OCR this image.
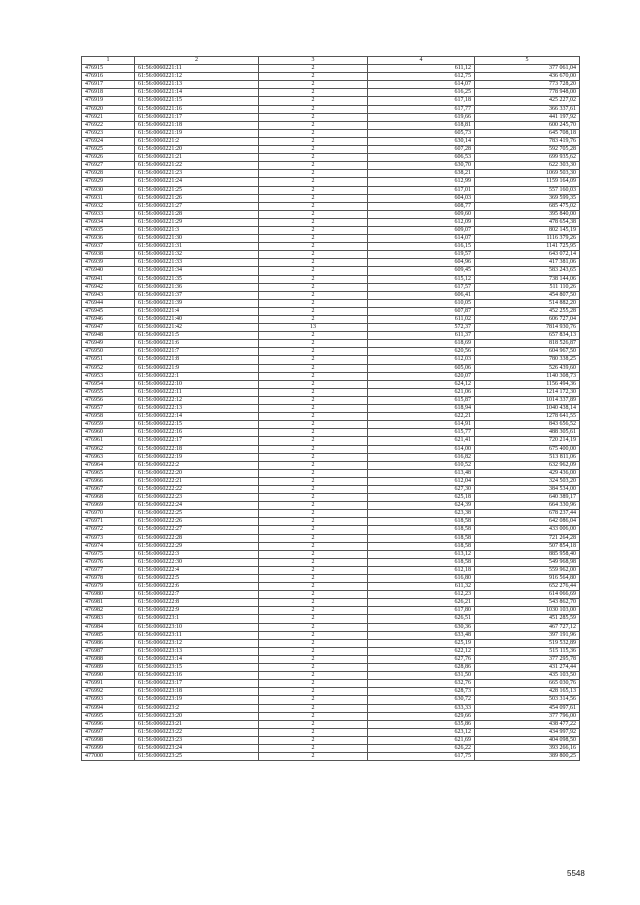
1	2	3	4	5
476915	61:56:0060221:11	2	611,12	377 061,04
476916	61:56:0060221:12	2	612,75	436 670,00
476917	61:56:0060221:13	2	614,07	773 728,20
476918	61:56:0060221:14	2	616,25	778 948,00
476919	61:56:0060221:15	2	617,18	425 227,02
476920	61:56:0060221:16	2	617,77	366 337,61
476921	61:56:0060221:17	2	619,66	441 197,92
476922	61:56:0060221:18	2	618,81	600 245,70
476923	61:56:0060221:19	2	605,73	645 708,18
476924	61:56:0060221:2	2	630,14	783 419,76
476925	61:56:0060221:20	2	607,28	592 705,28
476926	61:56:0060221:21	2	606,53	699 935,62
476927	61:56:0060221:22	2	630,70	622 303,30
476928	61:56:0060221:23	2	638,21	1069 503,30
476929	61:56:0060221:24	2	612,99	1159 164,09
476930	61:56:0060221:25	2	617,01	557 160,03
476931	61:56:0060221:26	2	604,03	369 599,35
476932	61:56:0060221:27	2	608,77	685 475,02
476933	61:56:0060221:28	2	609,60	395 840,00
476934	61:56:0060221:29	2	612,09	478 654,38
476935	61:56:0060221:3	2	609,07	802 145,19
476936	61:56:0060221:30	2	614,07	1116 379,26
476937	61:56:0060221:31	2	616,15	1141 725,95
476938	61:56:0060221:32	2	619,57	643 072,14
476939	61:56:0060221:33	2	604,96	417 381,06
476940	61:56:0060221:34	2	609,45	583 243,65
476941	61:56:0060221:35	2	615,12	738 144,06
476942	61:56:0060221:36	2	617,57	511 110,26
476943	61:56:0060221:37	2	606,41	454 807,50
476944	61:56:0060221:39	2	610,05	514 882,20
476945	61:56:0060221:4	2	607,87	452 255,28
476946	61:56:0060221:40	2	611,02	606 727,04
476947	61:56:0060221:42	13	572,37	7814 930,76
476948	61:56:0060221:5	2	611,37	657 834,13
476949	61:56:0060221:6	2	618,69	818 526,87
476950	61:56:0060221:7	2	620,56	604 967,50
476951	61:56:0060221:8	2	612,03	780 338,25
476952	61:56:0060221:9	2	605,06	526 439,60
476953	61:56:0060222:1	2	620,07	1140 308,73
476954	61:56:0060222:10	2	624,12	1156 494,36
476955	61:56:0060222:11	2	621,06	1214 172,30
476956	61:56:0060222:12	2	615,87	1014 337,89
476957	61:56:0060222:13	2	618,94	1040 438,14
476958	61:56:0060222:14	2	622,21	1278 641,55
476959	61:56:0060222:15	2	614,91	843 656,52
476960	61:56:0060222:16	2	615,77	488 305,61
476961	61:56:0060222:17	2	621,41	720 214,19
476962	61:56:0060222:18	2	614,00	675 400,00
476963	61:56:0060222:19	2	616,82	513 811,06
476964	61:56:0060222:2	2	610,52	632 962,09
476965	61:56:0060222:20	2	613,48	429 436,00
476966	61:56:0060222:21	2	612,04	324 503,20
476967	61:56:0060222:22	2	627,30	384 534,00
476968	61:56:0060222:23	2	625,18	640 389,17
476969	61:56:0060222:24	2	624,39	664 330,96
476970	61:56:0060222:25	2	623,38	678 237,44
476971	61:56:0060222:26	2	618,58	642 086,04
476972	61:56:0060222:27	2	618,58	433 006,00
476973	61:56:0060222:28	2	618,58	721 264,28
476974	61:56:0060222:29	2	618,58	507 854,18
476975	61:56:0060222:3	2	613,12	885 958,40
476976	61:56:0060222:30	2	618,58	549 968,98
476977	61:56:0060222:4	2	612,18	559 962,00
476978	61:56:0060222:5	2	616,80	916 564,80
476979	61:56:0060222:6	2	611,32	652 276,44
476980	61:56:0060222:7	2	612,23	614 066,69
476981	61:56:0060222:8	2	626,21	543 862,70
476982	61:56:0060222:9	2	617,80	1030 103,00
476983	61:56:0060223:1	2	626,51	451 285,59
476984	61:56:0060223:10	2	630,36	467 727,12
476985	61:56:0060223:11	2	633,48	397 191,96
476986	61:56:0060223:12	2	625,19	519 532,89
476987	61:56:0060223:13	2	622,12	515 115,36
476988	61:56:0060223:14	2	627,76	377 295,78
476989	61:56:0060223:15	2	628,86	431 274,44
476990	61:56:0060223:16	2	631,50	435 103,50
476991	61:56:0060223:17	2	632,76	665 030,76
476992	61:56:0060223:18	2	628,73	428 165,13
476993	61:56:0060223:19	2	630,72	503 314,56
476994	61:56:0060223:2	2	633,33	454 097,61
476995	61:56:0060223:20	2	629,66	377 796,00
476996	61:56:0060223:21	2	635,86	438 477,22
476997	61:56:0060223:22	2	623,12	434 997,92
476998	61:56:0060223:23	2	621,69	404 098,50
476999	61:56:0060223:24	2	626,22	393 266,16
477000	61:56:0060223:25	2	617,75	389 800,25
5548
